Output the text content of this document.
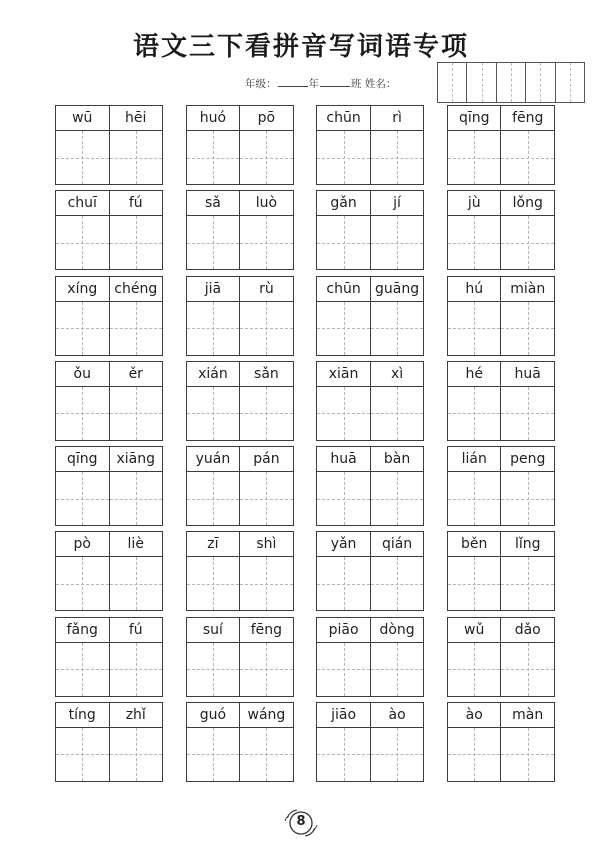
语文三下看拼音写词语专项
年级：	年	班 姓名：
wū	hēi	huó	pō	chūn	rì	qīng	fēng
chuī	fú	sǎ	luò	gǎn	jí	jù	lǒng
xíng	chéng	jiā	rù	chūn	guāng	hú	miàn
ǒu	ěr	xián	sǎn	xiān	xì	hé	huā
qīng	xiāng	yuán	pán	huā	bàn	lián	peng
pò	liè	zī	shì	yǎn	qián	běn	lǐng
fǎng	fú	suí	fēng	piāo	dòng	wǔ	dǎo
tíng	zhǐ	guó	wáng	jiāo	ào	ào	màn
8
